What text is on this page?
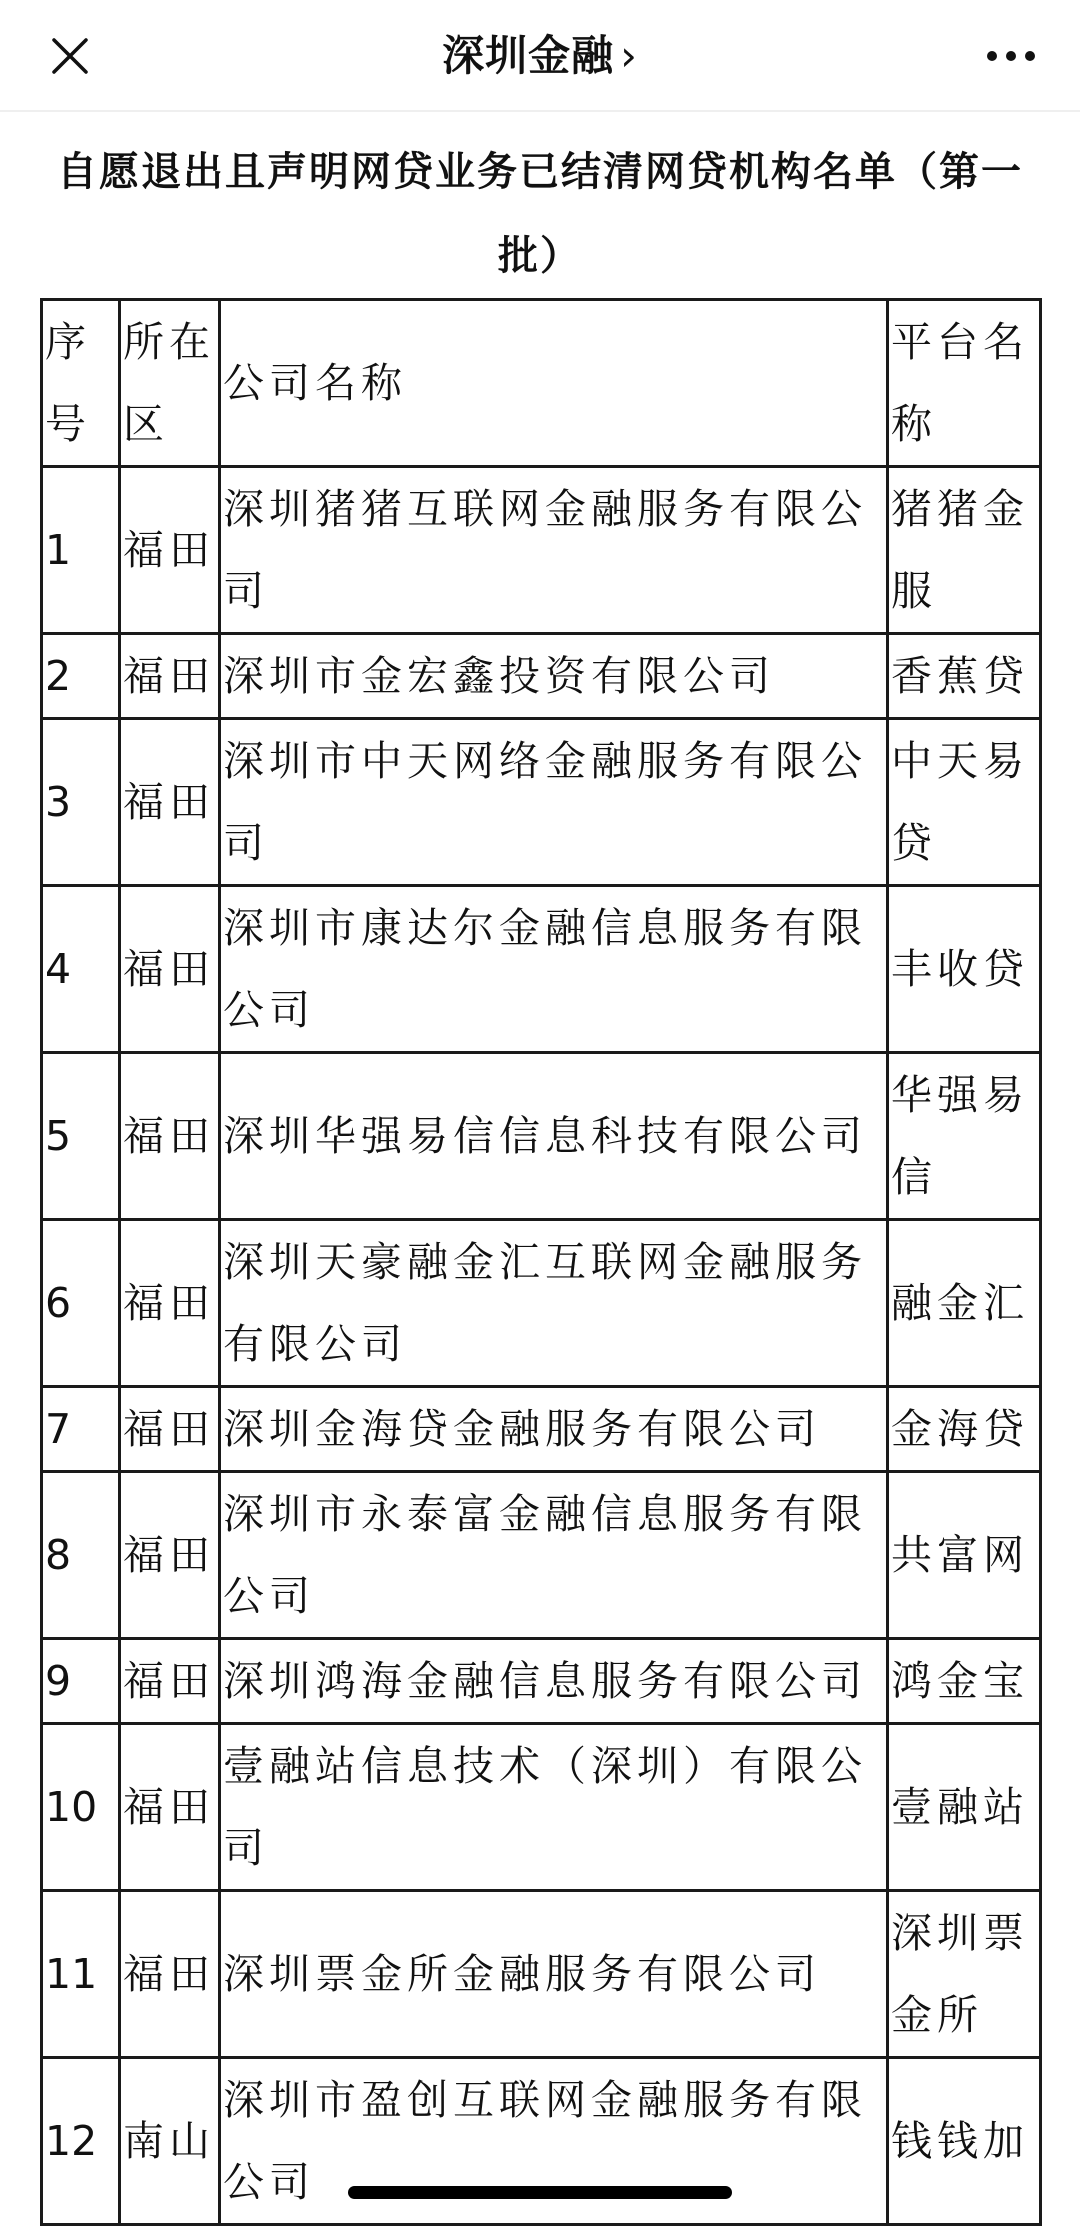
深圳金融 ›
自愿退出且声明网贷业务已结清网贷机构名单（第一批）
序号	所在区	公司名称	平台名称
1	福田	深圳猪猪互联网金融服务有限公司	猪猪金服
2	福田	深圳市金宏鑫投资有限公司	香蕉贷
3	福田	深圳市中天网络金融服务有限公司	中天易贷
4	福田	深圳市康达尔金融信息服务有限公司	丰收贷
5	福田	深圳华强易信信息科技有限公司	华强易信
6	福田	深圳天豪融金汇互联网金融服务有限公司	融金汇
7	福田	深圳金海贷金融服务有限公司	金海贷
8	福田	深圳市永泰富金融信息服务有限公司	共富网
9	福田	深圳鸿海金融信息服务有限公司	鸿金宝
10	福田	壹融站信息技术（深圳）有限公司	壹融站
11	福田	深圳票金所金融服务有限公司	深圳票金所
12	南山	深圳市盈创互联网金融服务有限公司	钱钱加
